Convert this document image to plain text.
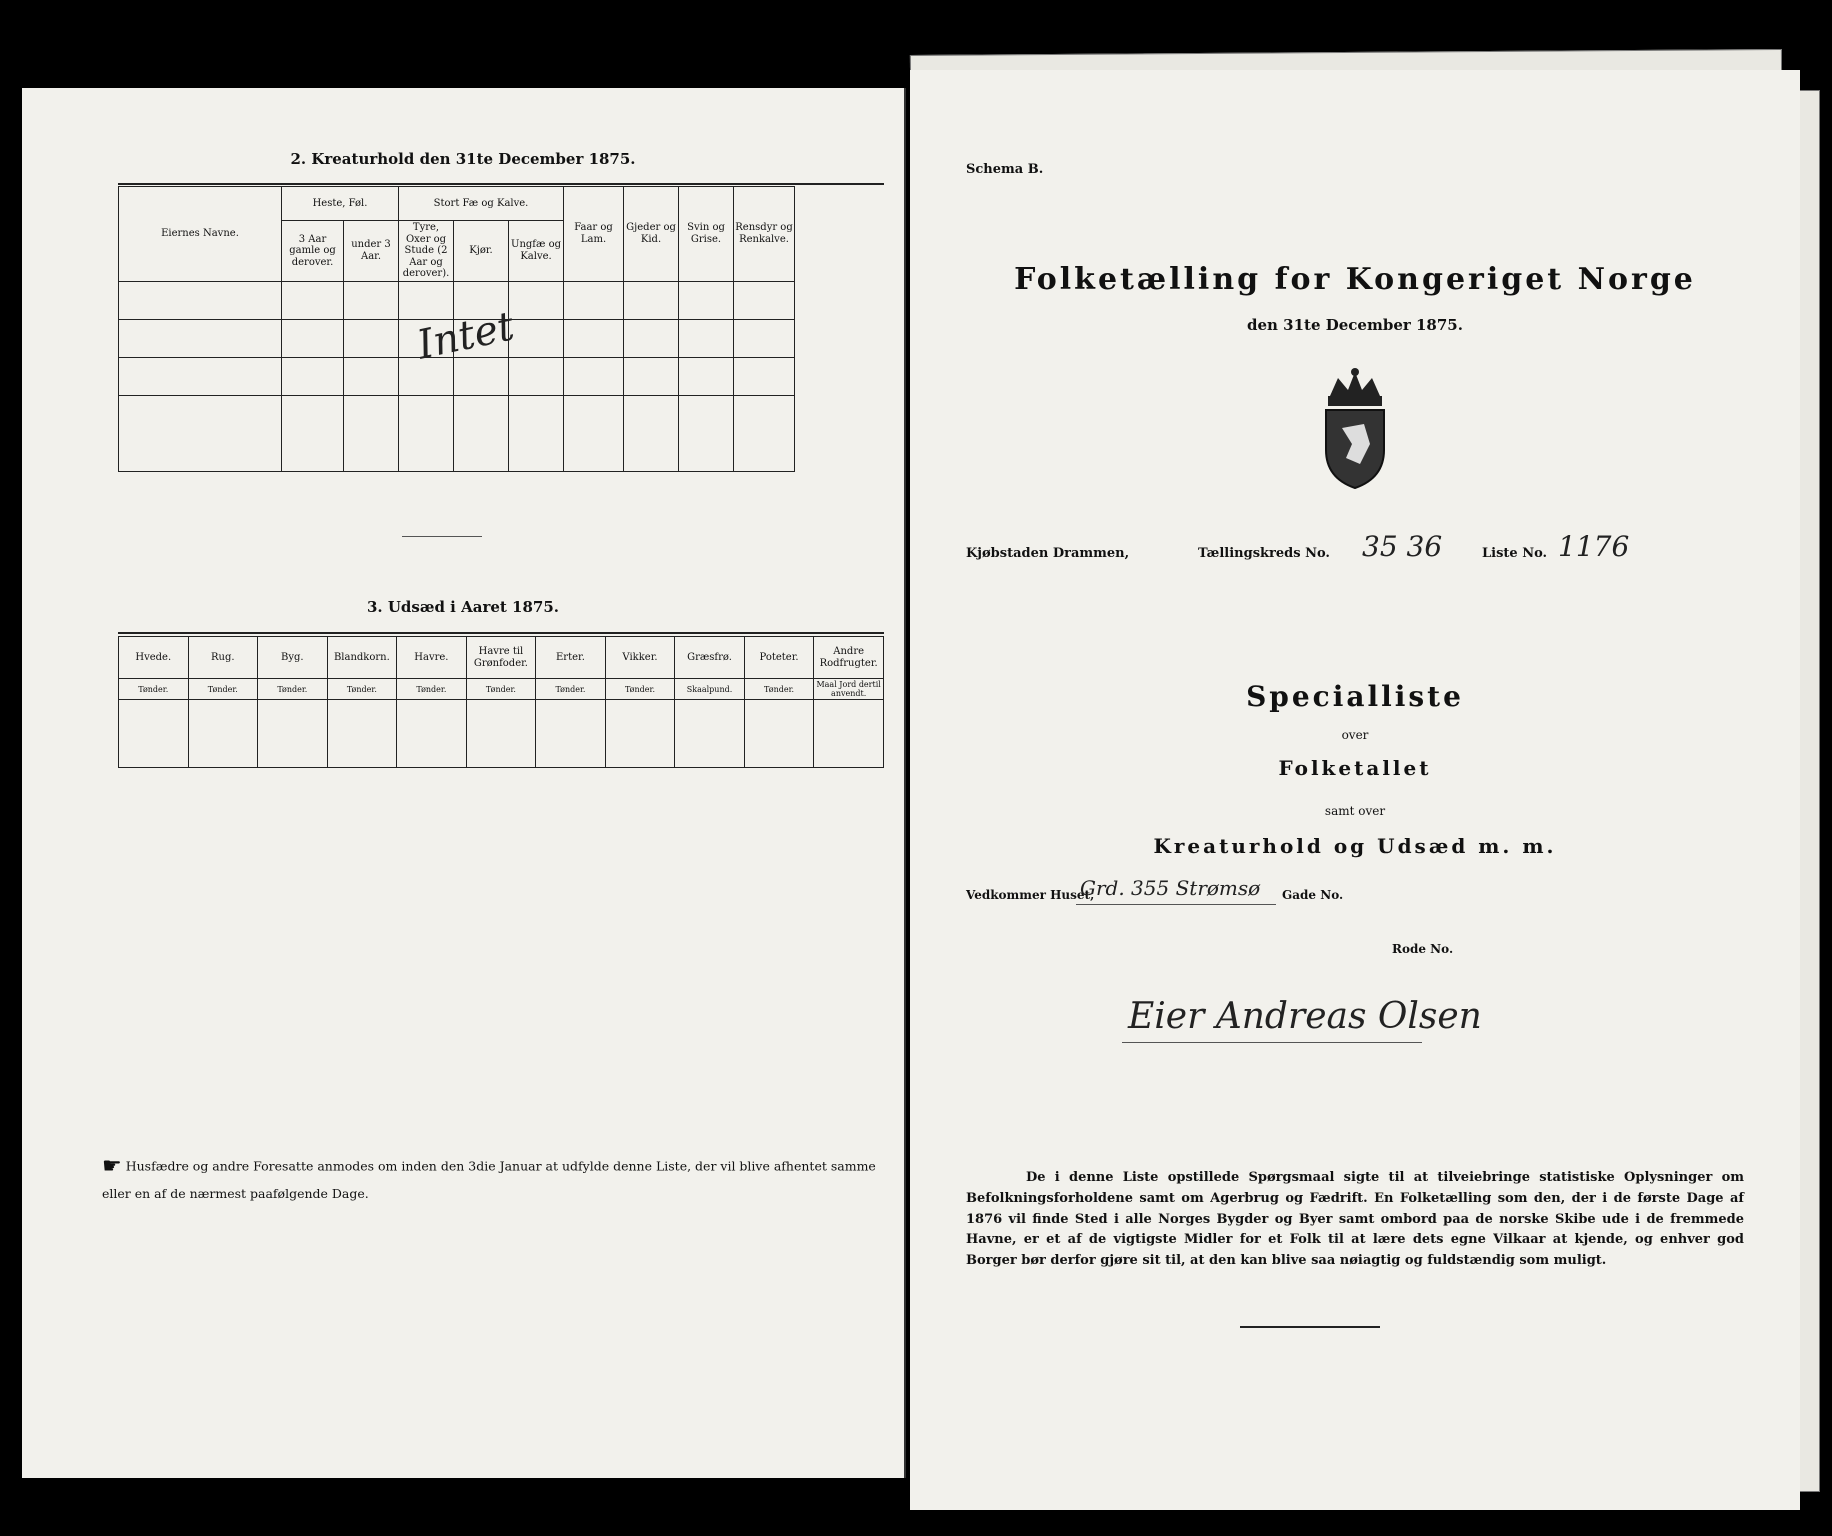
2. Kreaturhold den 31te December 1875.
Eiernes Navne.	Heste, Føl.		Stort Fæ og Kalve.			Faar og Lam.	Gjeder og Kid.	Svin og Grise.	Rensdyr og Renkalve.	
	3 Aar gamle og derover.	under 3 Aar.	Tyre, Oxer og Stude (2 Aar og derover).	Kjør.	Ungfæ og Kalve.					

Intet
3. Udsæd i Aaret 1875.
Hvede.	Rug.	Byg.	Blandkorn.	Havre.	Havre til Grønfoder.	Erter.	Vikker.	Græsfrø.	Poteter.	Andre Rodfrugter.
Tønder.	Tønder.	Tønder.	Tønder.	Tønder.	Tønder.	Tønder.	Tønder.	Skaalpund.	Tønder.	Maal Jord dertil anvendt.

☛ Husfædre og andre Foresatte anmodes om inden den 3die Januar at udfylde denne Liste, der vil blive afhentet samme eller en af de nærmest paafølgende Dage.
Schema B.
Folketælling for Kongeriget Norge
den 31te December 1875.
Kjøbstaden Drammen,	Tællingskreds No. 35 36	Liste No. 1176
Specialliste
over
Folketallet
samt over
Kreaturhold og Udsæd m. m.
Vedkommer Huset,
Grd. 355 Strømsø Gade No.
Rode No.
Eier Andreas Olsen
De i denne Liste opstillede Spørgsmaal sigte til at tilveiebringe statistiske Oplysninger om Befolkningsforholdene samt om Agerbrug og Fædrift. En Folketælling som den, der i de første Dage af 1876 vil finde Sted i alle Norges Bygder og Byer samt ombord paa de norske Skibe ude i de fremmede Havne, er et af de vigtigste Midler for et Folk til at lære dets egne Vilkaar at kjende, og enhver god Borger bør derfor gjøre sit til, at den kan blive saa nøiagtig og fuldstændig som muligt.
